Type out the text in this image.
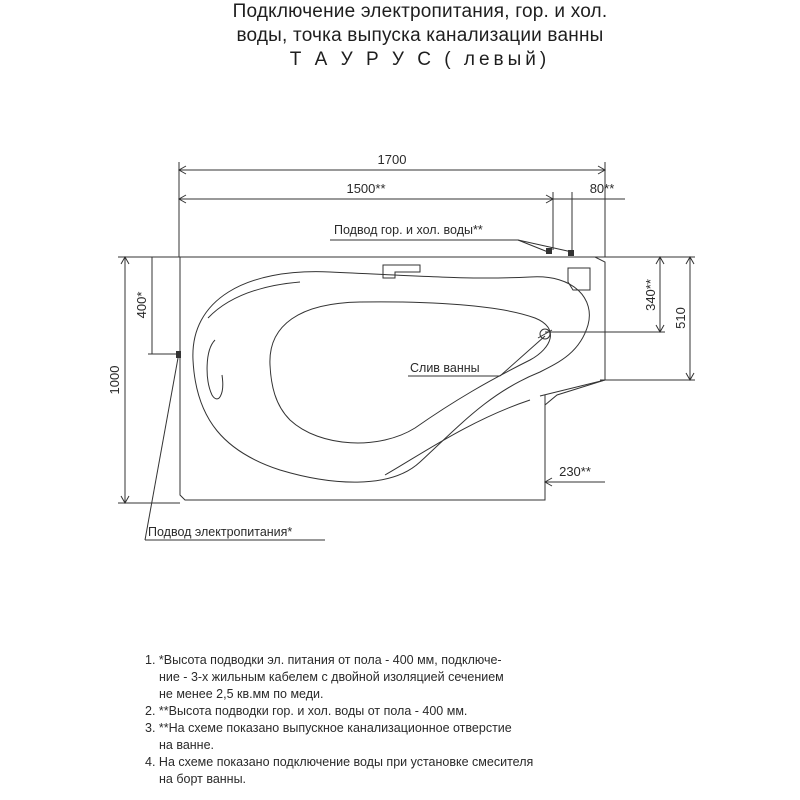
Подключение электропитания, гор. и хол.
воды, точка выпуска канализации ванны
Т А У Р У С ( левый)
1700
1500**	80**
1000
400*	340**
510
230**
Подвод гор. и хол. воды**
Слив ванны
Подвод электропитания*
1. *Высота подводки эл. питания от пола - 400 мм, подключе-
ние - 3-х жильным кабелем с двойной изоляцией сечением
не менее 2,5 кв.мм по меди.
2. **Высота подводки гор. и хол. воды от пола - 400 мм.
3. **На схеме показано выпускное канализационное отверстие
на ванне.
4. На схеме показано подключение воды при установке смесителя
на борт ванны.
